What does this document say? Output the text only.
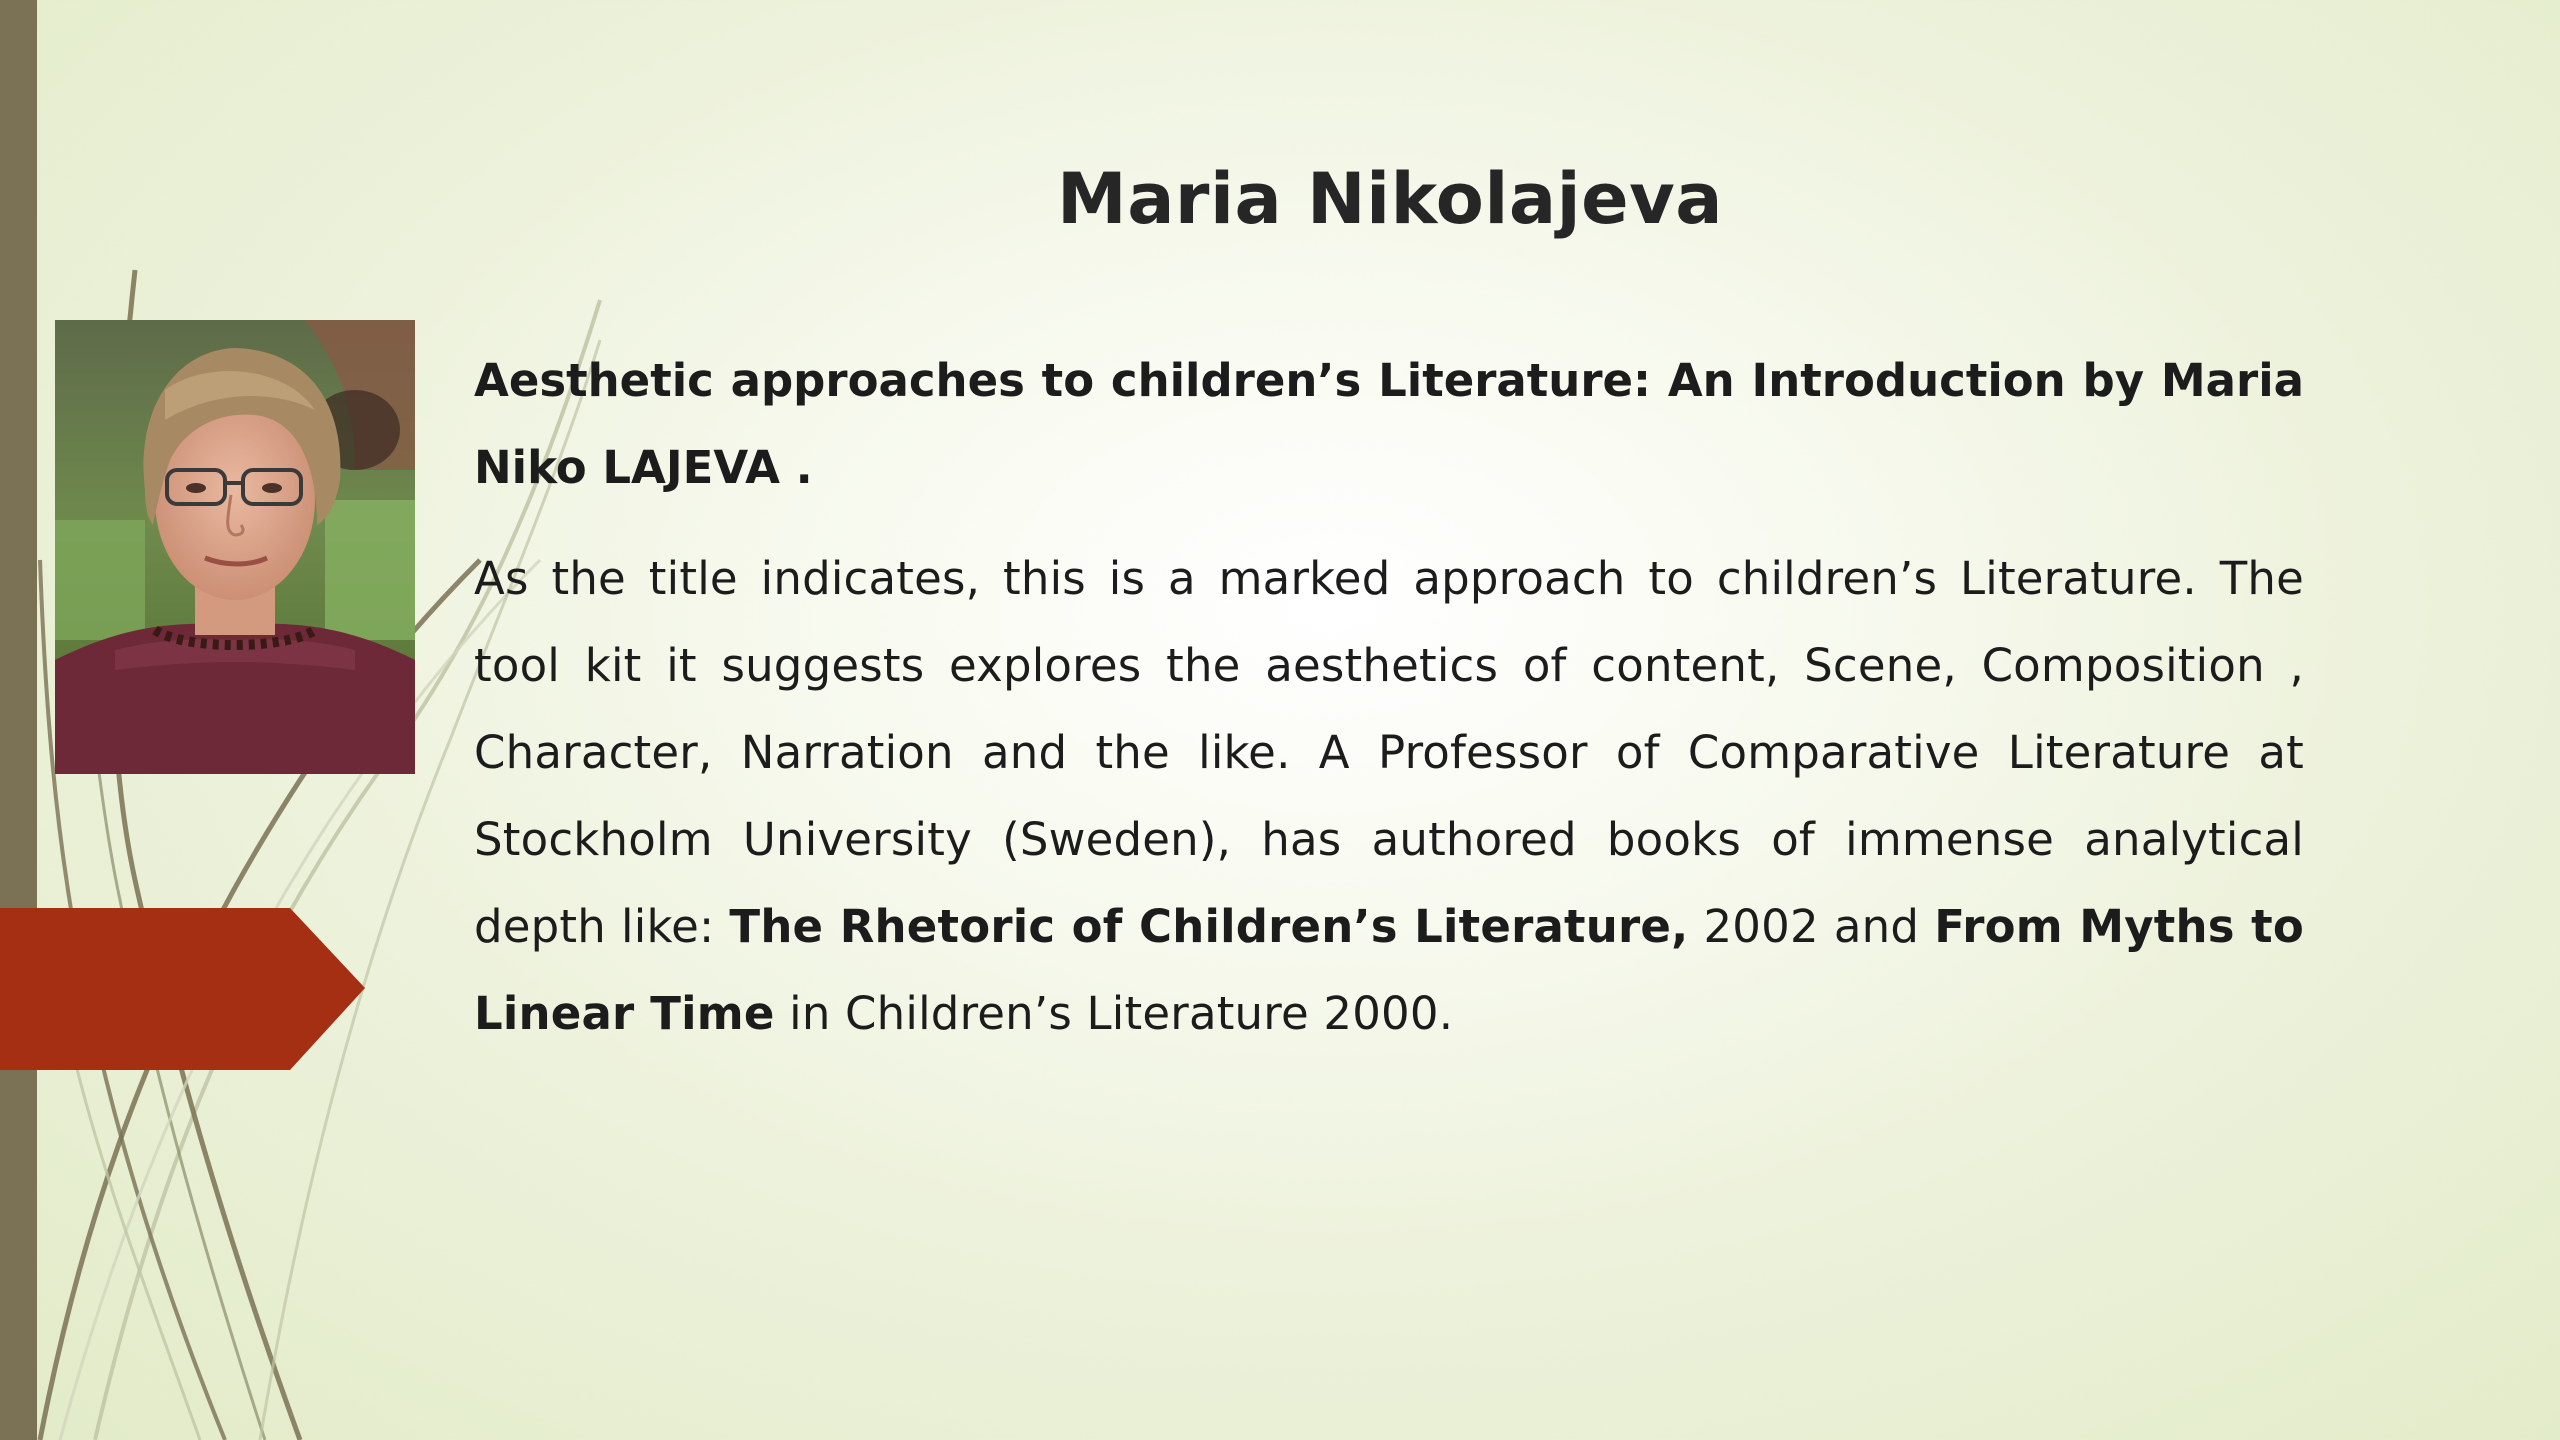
Maria Nikolajeva

Aesthetic approaches to children’s Literature: An Introduction by Maria Niko LAJEVA .

As the title indicates, this is a marked approach to children’s Literature. The tool kit it suggests explores the aesthetics of content, Scene, Composition , Character, Narration and the like. A Professor of Comparative Literature at Stockholm University (Sweden), has authored books of immense analytical depth like: The Rhetoric of Children’s Literature, 2002 and From Myths to Linear Time in Children’s Literature 2000.
